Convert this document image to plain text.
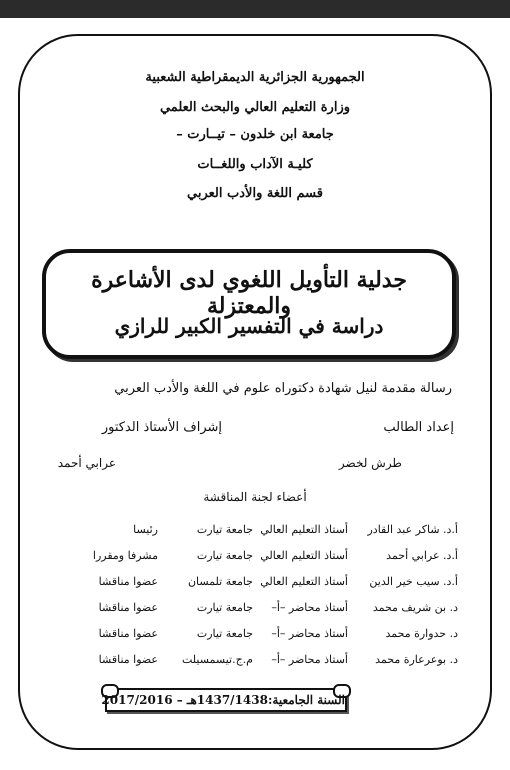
الجمهورية الجزائرية الديمقراطية الشعبية
وزارة التعليم العالي والبحث العلمي
جامعة ابن خلدون – تيــارت –
كليـة الآداب واللغــات
قسم اللغة والأدب العربي
جدلية التأويل اللغوي لدى الأشاعرة والمعتزلة
دراسة في التفسير الكبير للرازي
رسالة مقدمة لنيل شهادة دكتوراه علوم في اللغة والأدب العربي
إعداد الطالب
إشراف الأستاذ الدكتور
طرش لخضر
عرابي أحمد
أعضاء لجنة المناقشة
أ.د. شاكر عبد القادر
أستاذ التعليم العالي
جامعة تيارت
رئيسا
أ.د. عرابي أحمد
أستاذ التعليم العالي
جامعة تيارت
مشرفا ومقررا
أ.د. سيب خير الدين
أستاذ التعليم العالي
جامعة تلمسان
عضوا مناقشا
د. بن شريف محمد
أستاذ محاضر –أ–
جامعة تيارت
عضوا مناقشا
د. حدوارة محمد
أستاذ محاضر –أ–
جامعة تيارت
عضوا مناقشا
د. بوعرعارة محمد
أستاذ محاضر –أ–
م.ج.تيسمسيلت
عضوا مناقشا
السنة الجامعية:1437/1438هـ – 2017/2016
